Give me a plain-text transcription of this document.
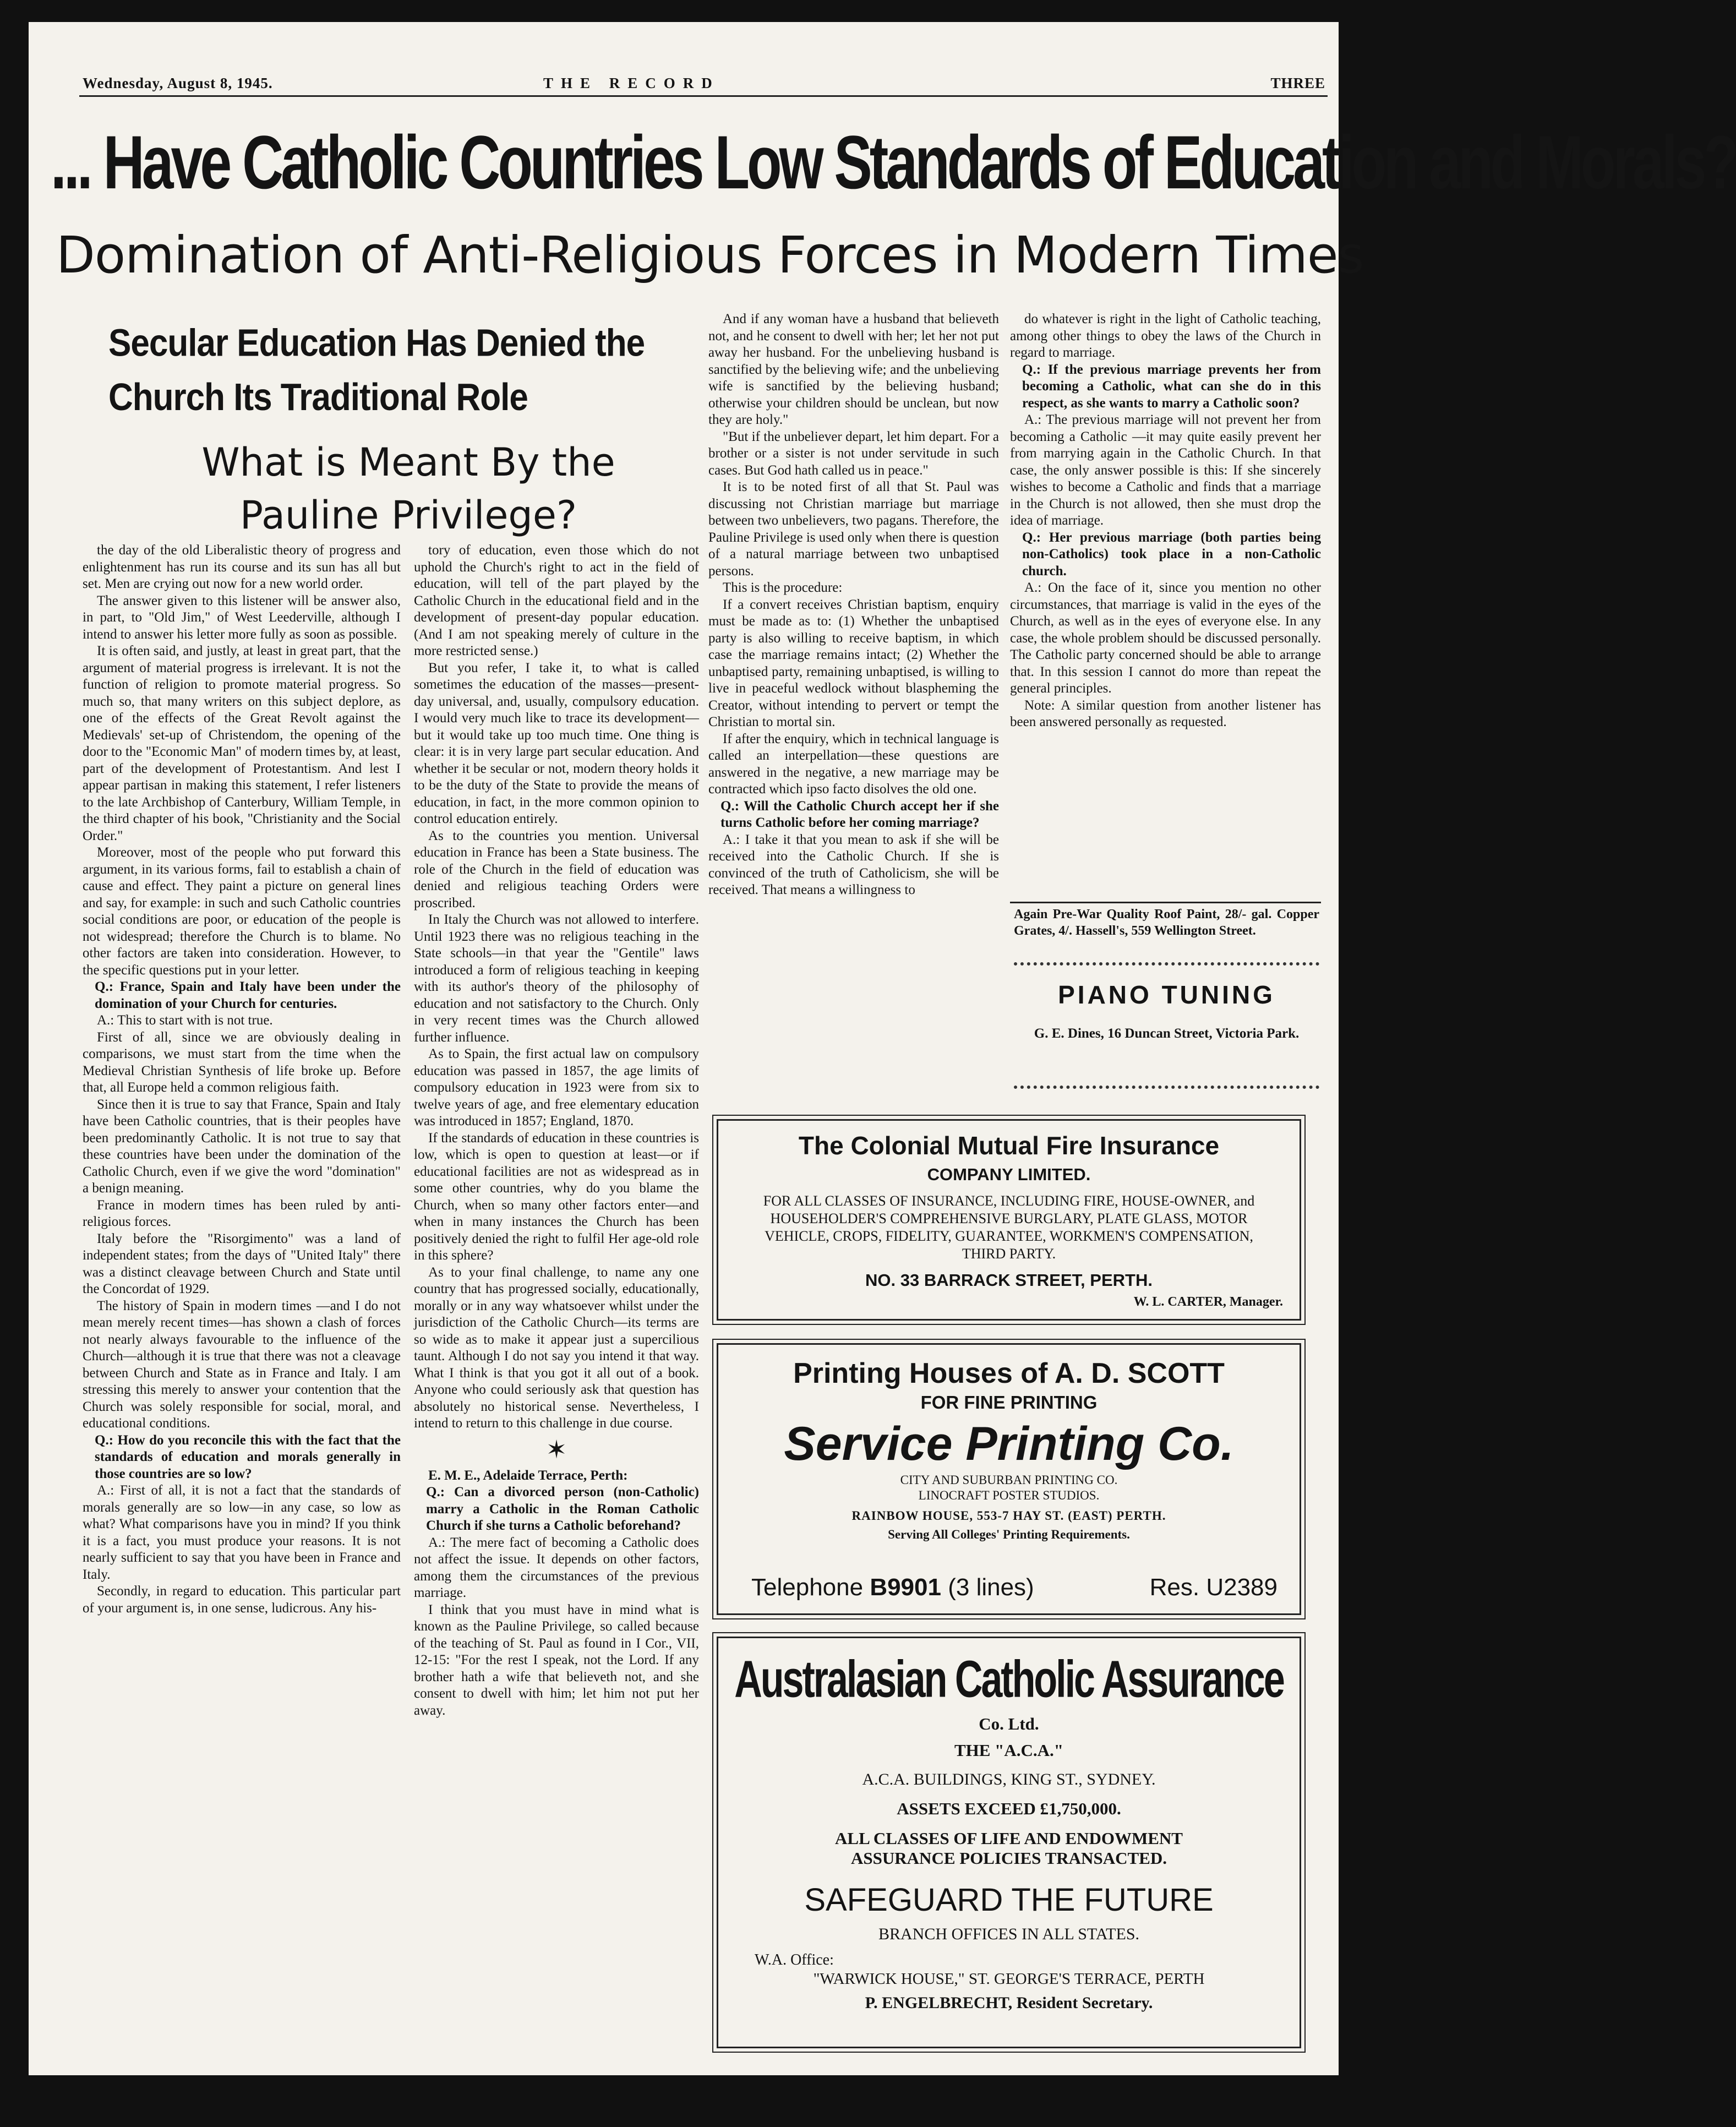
Wednesday, August 8, 1945.	THE RECORD	THREE
... Have Catholic Countries Low Standards of Education and Morals?
Domination of Anti-Religious Forces in Modern Times
Secular Education Has Denied the Church Its Traditional Role
What is Meant By the Pauline Privilege?

the day of the old Liberalistic theory of progress and enlightenment has run its course and its sun has all but set. Men are crying out now for a new world order.

The answer given to this listener will be answer also, in part, to "Old Jim," of West Leederville, although I intend to answer his letter more fully as soon as possible.

It is often said, and justly, at least in great part, that the argument of material progress is irrelevant. It is not the function of religion to promote material progress. So much so, that many writers on this subject deplore, as one of the effects of the Great Revolt against the Medievals' set-up of Christendom, the opening of the door to the "Economic Man" of modern times by, at least, part of the development of Protestantism. And lest I appear partisan in making this statement, I refer listeners to the late Archbishop of Canterbury, William Temple, in the third chapter of his book, "Christianity and the Social Order."

Moreover, most of the people who put forward this argument, in its various forms, fail to establish a chain of cause and effect. They paint a picture on general lines and say, for example: in such and such Catholic countries social conditions are poor, or education of the people is not widespread; therefore the Church is to blame. No other factors are taken into consideration. However, to the specific questions put in your letter.

Q.: France, Spain and Italy have been under the domination of your Church for centuries.

A.: This to start with is not true.

First of all, since we are obviously dealing in comparisons, we must start from the time when the Medieval Christian Synthesis of life broke up. Before that, all Europe held a common religious faith.

Since then it is true to say that France, Spain and Italy have been Catholic countries, that is their peoples have been predominantly Catholic. It is not true to say that these countries have been under the domination of the Catholic Church, even if we give the word "domination" a benign meaning.

France in modern times has been ruled by anti-religious forces.

Italy before the "Risorgimento" was a land of independent states; from the days of "United Italy" there was a distinct cleavage between Church and State until the Concordat of 1929.

The history of Spain in modern times —and I do not mean merely recent times—has shown a clash of forces not nearly always favourable to the influence of the Church—although it is true that there was not a cleavage between Church and State as in France and Italy. I am stressing this merely to answer your contention that the Church was solely responsible for social, moral, and educational conditions.

Q.: How do you reconcile this with the fact that the standards of education and morals generally in those countries are so low?

A.: First of all, it is not a fact that the standards of morals generally are so low—in any case, so low as what? What comparisons have you in mind? If you think it is a fact, you must produce your reasons. It is not nearly sufficient to say that you have been in France and Italy.

Secondly, in regard to education. This particular part of your argument is, in one sense, ludicrous. Any his-

tory of education, even those which do not uphold the Church's right to act in the field of education, will tell of the part played by the Catholic Church in the educational field and in the development of present-day popular education. (And I am not speaking merely of culture in the more restricted sense.)

But you refer, I take it, to what is called sometimes the education of the masses—present-day universal, and, usually, compulsory education. I would very much like to trace its development—but it would take up too much time. One thing is clear: it is in very large part secular education. And whether it be secular or not, modern theory holds it to be the duty of the State to provide the means of education, in fact, in the more common opinion to control education entirely.

As to the countries you mention. Universal education in France has been a State business. The role of the Church in the field of education was denied and religious teaching Orders were proscribed.

In Italy the Church was not allowed to interfere. Until 1923 there was no religious teaching in the State schools—in that year the "Gentile" laws introduced a form of religious teaching in keeping with its author's theory of the philosophy of education and not satisfactory to the Church. Only in very recent times was the Church allowed further influence.

As to Spain, the first actual law on compulsory education was passed in 1857, the age limits of compulsory education in 1923 were from six to twelve years of age, and free elementary education was introduced in 1857; England, 1870.

If the standards of education in these countries is low, which is open to question at least—or if educational facilities are not as widespread as in some other countries, why do you blame the Church, when so many other factors enter—and when in many instances the Church has been positively denied the right to fulfil Her age-old role in this sphere?

As to your final challenge, to name any one country that has progressed socially, educationally, morally or in any way whatsoever whilst under the jurisdiction of the Catholic Church—its terms are so wide as to make it appear just a supercilious taunt. Although I do not say you intend it that way. What I think is that you got it all out of a book. Anyone who could seriously ask that question has absolutely no historical sense. Nevertheless, I intend to return to this challenge in due course.

✶

E. M. E., Adelaide Terrace, Perth:

Q.: Can a divorced person (non-Catholic) marry a Catholic in the Roman Catholic Church if she turns a Catholic beforehand?

A.: The mere fact of becoming a Catholic does not affect the issue. It depends on other factors, among them the circumstances of the previous marriage.

I think that you must have in mind what is known as the Pauline Privilege, so called because of the teaching of St. Paul as found in I Cor., VII, 12-15: "For the rest I speak, not the Lord. If any brother hath a wife that believeth not, and she consent to dwell with him; let him not put her away.

And if any woman have a husband that believeth not, and he consent to dwell with her; let her not put away her husband. For the unbelieving husband is sanctified by the believing wife; and the unbelieving wife is sanctified by the believing husband; otherwise your children should be unclean, but now they are holy."

"But if the unbeliever depart, let him depart. For a brother or a sister is not under servitude in such cases. But God hath called us in peace."

It is to be noted first of all that St. Paul was discussing not Christian marriage but marriage between two unbelievers, two pagans. Therefore, the Pauline Privilege is used only when there is question of a natural marriage between two unbaptised persons.

This is the procedure:

If a convert receives Christian baptism, enquiry must be made as to: (1) Whether the unbaptised party is also willing to receive baptism, in which case the marriage remains intact; (2) Whether the unbaptised party, remaining unbaptised, is willing to live in peaceful wedlock without blaspheming the Creator, without intending to pervert or tempt the Christian to mortal sin.

If after the enquiry, which in technical language is called an interpellation—these questions are answered in the negative, a new marriage may be contracted which ipso facto disolves the old one.

Q.: Will the Catholic Church accept her if she turns Catholic before her coming marriage?

A.: I take it that you mean to ask if she will be received into the Catholic Church. If she is convinced of the truth of Catholicism, she will be received. That means a willingness to

do whatever is right in the light of Catholic teaching, among other things to obey the laws of the Church in regard to marriage.

Q.: If the previous marriage prevents her from becoming a Catholic, what can she do in this respect, as she wants to marry a Catholic soon?

A.: The previous marriage will not prevent her from becoming a Catholic —it may quite easily prevent her from marrying again in the Catholic Church. In that case, the only answer possible is this: If she sincerely wishes to become a Catholic and finds that a marriage in the Church is not allowed, then she must drop the idea of marriage.

Q.: Her previous marriage (both parties being non-Catholics) took place in a non-Catholic church.

A.: On the face of it, since you mention no other circumstances, that marriage is valid in the eyes of the Church, as well as in the eyes of everyone else. In any case, the whole problem should be discussed personally. The Catholic party concerned should be able to arrange that. In this session I cannot do more than repeat the general principles.

Note: A similar question from another listener has been answered personally as requested.

Again Pre-War Quality Roof Paint, 28/- gal. Copper Grates, 4/. Hassell's, 559 Wellington Street.
PIANO TUNING
G. E. Dines, 16 Duncan Street, Victoria Park.
The Colonial Mutual Fire Insurance
COMPANY LIMITED.
FOR ALL CLASSES OF INSURANCE, INCLUDING FIRE, HOUSE-OWNER, and HOUSEHOLDER'S COMPREHENSIVE BURGLARY, PLATE GLASS, MOTOR VEHICLE, CROPS, FIDELITY, GUARANTEE, WORKMEN'S COMPENSATION, THIRD PARTY.
NO. 33 BARRACK STREET, PERTH.
W. L. CARTER, Manager.
Printing Houses of A. D. SCOTT
FOR FINE PRINTING
Service Printing Co.
CITY AND SUBURBAN PRINTING CO.
LINOCRAFT POSTER STUDIOS.
RAINBOW HOUSE, 553-7 HAY ST. (EAST) PERTH.
Serving All Colleges' Printing Requirements.
Telephone B9901 (3 lines)	Res. U2389
Australasian Catholic Assurance
Co. Ltd.
THE "A.C.A."
A.C.A. BUILDINGS, KING ST., SYDNEY.
ASSETS EXCEED £1,750,000.
ALL CLASSES OF LIFE AND ENDOWMENT ASSURANCE POLICIES TRANSACTED.
SAFEGUARD THE FUTURE
BRANCH OFFICES IN ALL STATES.
W.A. Office:
"WARWICK HOUSE," ST. GEORGE'S TERRACE, PERTH
P. ENGELBRECHT, Resident Secretary.
